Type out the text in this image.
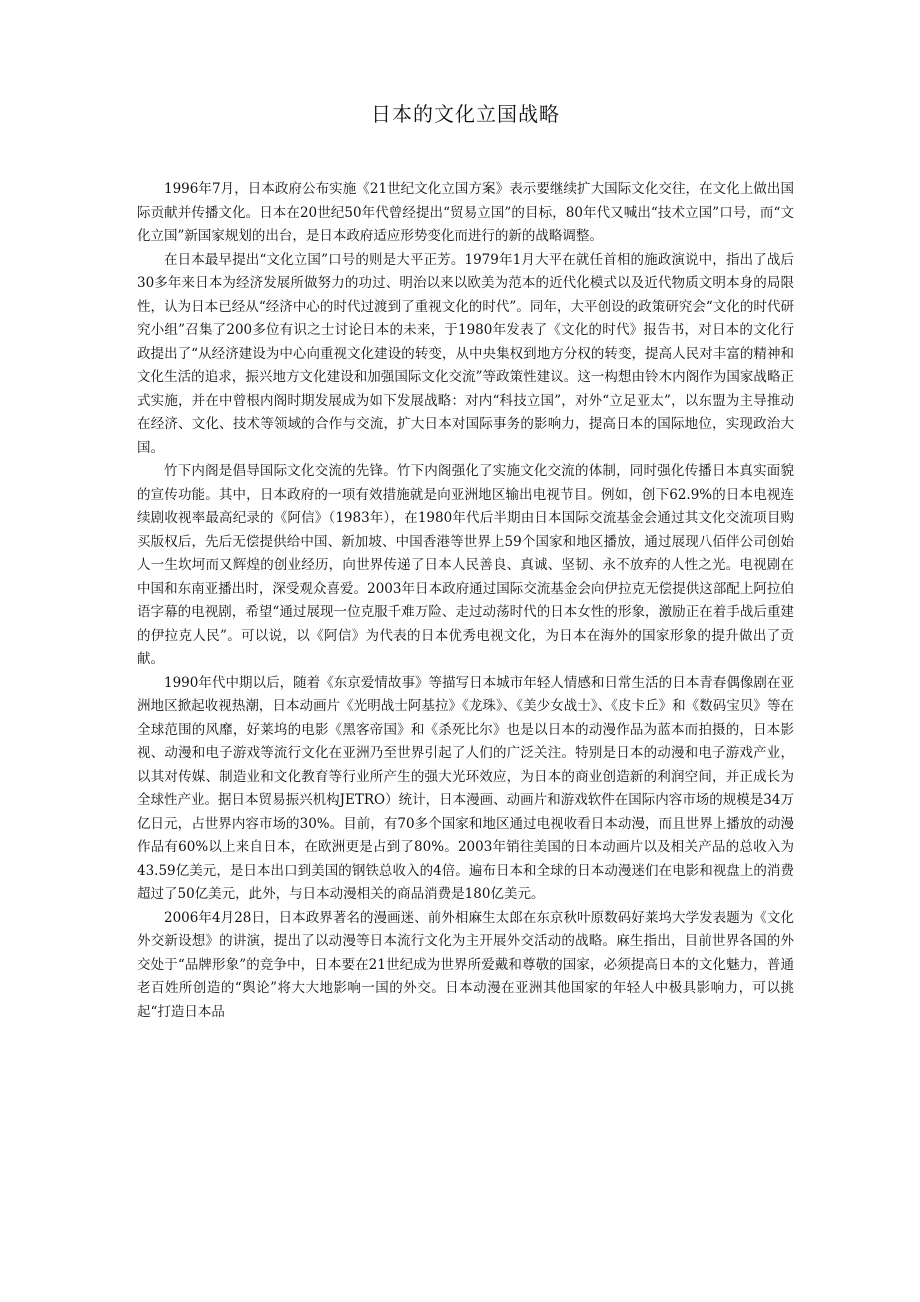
日本的文化立国战略

1996年7月，日本政府公布实施《21世纪文化立国方案》表示要继续扩大国际文化交往，在文化上做出国际贡献并传播文化。日本在20世纪50年代曾经提出“贸易立国”的目标，80年代又喊出“技术立国”口号，而“文化立国”新国家规划的出台，是日本政府适应形势变化而进行的新的战略调整。

在日本最早提出“文化立国”口号的则是大平正芳。1979年1月大平在就任首相的施政演说中，指出了战后30多年来日本为经济发展所做努力的功过、明治以来以欧美为范本的近代化模式以及近代物质文明本身的局限性，认为日本已经从“经济中心的时代过渡到了重视文化的时代”。同年，大平创设的政策研究会“文化的时代研究小组”召集了200多位有识之士讨论日本的未来，于1980年发表了《文化的时代》报告书，对日本的文化行政提出了“从经济建设为中心向重视文化建设的转变，从中央集权到地方分权的转变，提高人民对丰富的精神和文化生活的追求，振兴地方文化建设和加强国际文化交流”等政策性建议。这一构想由铃木内阁作为国家战略正式实施，并在中曾根内阁时期发展成为如下发展战略：对内“科技立国”，对外“立足亚太”，以东盟为主导推动在经济、文化、技术等领域的合作与交流，扩大日本对国际事务的影响力，提高日本的国际地位，实现政治大国。

竹下内阁是倡导国际文化交流的先锋。竹下内阁强化了实施文化交流的体制，同时强化传播日本真实面貌的宣传功能。其中，日本政府的一项有效措施就是向亚洲地区输出电视节目。例如，创下62.9%的日本电视连续剧收视率最高纪录的《阿信》（1983年），在1980年代后半期由日本国际交流基金会通过其文化交流项目购买版权后，先后无偿提供给中国、新加坡、中国香港等世界上59个国家和地区播放，通过展现八佰伴公司创始人一生坎坷而又辉煌的创业经历，向世界传递了日本人民善良、真诚、坚韧、永不放弃的人性之光。电视剧在中国和东南亚播出时，深受观众喜爱。2003年日本政府通过国际交流基金会向伊拉克无偿提供这部配上阿拉伯语字幕的电视剧，希望“通过展现一位克服千难万险、走过动荡时代的日本女性的形象，激励正在着手战后重建的伊拉克人民”。可以说，以《阿信》为代表的日本优秀电视文化，为日本在海外的国家形象的提升做出了贡献。

1990年代中期以后，随着《东京爱情故事》等描写日本城市年轻人情感和日常生活的日本青春偶像剧在亚洲地区掀起收视热潮，日本动画片《光明战士阿基拉》《龙珠》、《美少女战士》、《皮卡丘》和《数码宝贝》等在全球范围的风靡，好莱坞的电影《黑客帝国》和《杀死比尔》也是以日本的动漫作品为蓝本而拍摄的，日本影视、动漫和电子游戏等流行文化在亚洲乃至世界引起了人们的广泛关注。特别是日本的动漫和电子游戏产业，以其对传媒、制造业和文化教育等行业所产生的强大光环效应，为日本的商业创造新的利润空间，并正成长为全球性产业。据日本贸易振兴机构JETRO）统计，日本漫画、动画片和游戏软件在国际内容市场的规模是34万亿日元，占世界内容市场的30%。目前，有70多个国家和地区通过电视收看日本动漫，而且世界上播放的动漫作品有60%以上来自日本，在欧洲更是占到了80%。2003年销往美国的日本动画片以及相关产品的总收入为43.59亿美元，是日本出口到美国的钢铁总收入的4倍。遍布日本和全球的日本动漫迷们在电影和视盘上的消费超过了50亿美元，此外，与日本动漫相关的商品消费是180亿美元。

2006年4月28日，日本政界著名的漫画迷、前外相麻生太郎在东京秋叶原数码好莱坞大学发表题为《文化外交新设想》的讲演，提出了以动漫等日本流行文化为主开展外交活动的战略。麻生指出，目前世界各国的外交处于“品牌形象”的竞争中，日本要在21世纪成为世界所爱戴和尊敬的国家，必须提高日本的文化魅力，普通老百姓所创造的“舆论”将大大地影响一国的外交。日本动漫在亚洲其他国家的年轻人中极具影响力，可以挑起“打造日本品
